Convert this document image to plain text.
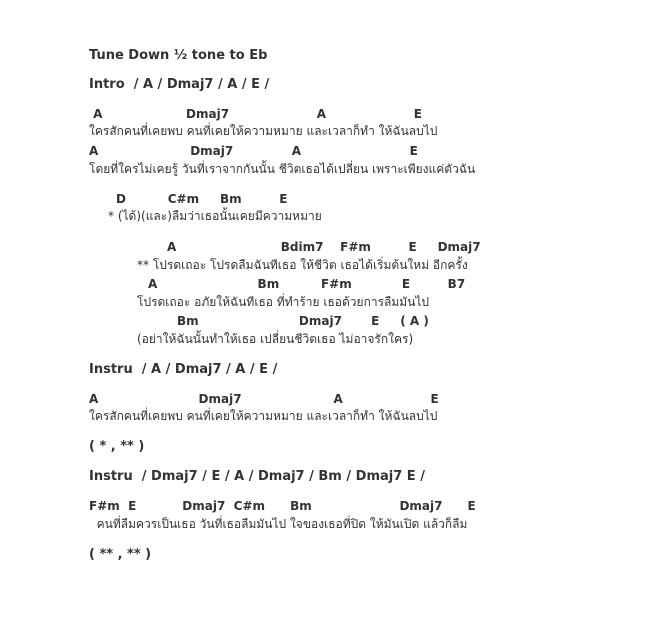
Tune Down ½ tone to Eb
Intro  / A / Dmaj7 / A / E /
A                    Dmaj7                     A                     E
ใครสักคนที่เคยพบ คนที่เคยให้ความหมาย และเวลาก็ทำ ให้ฉันลบไป
A                      Dmaj7              A                          E
โดยที่ใครไม่เคยรู้ วันที่เราจากกันนั้น ชีวิตเธอได้เปลี่ยน เพราะเพียงแค่ตัวฉัน
D          C#m     Bm         E
* (ได้)(และ)ลืมว่าเธอนั้นเคยมีความหมาย
A                         Bdim7    F#m         E     Dmaj7
** โปรดเถอะ โปรดลืมฉันทีเธอ ให้ชีวิต เธอได้เริ่มต้นใหม่ อีกครั้ง
A                        Bm          F#m            E         B7
โปรดเถอะ อภัยให้ฉันทีเธอ ที่ทำร้าย เธอด้วยการลืมมันไป
Bm                        Dmaj7       E     ( A )
(อย่าให้ฉันนั้นทำให้เธอ เปลี่ยนชีวิตเธอ ไม่อาจรักใคร)
Instru  / A / Dmaj7 / A / E /
A                        Dmaj7                      A                     E
ใครสักคนที่เคยพบ คนที่เคยให้ความหมาย และเวลาก็ทำ ให้ฉันลบไป
( * , ** )
Instru  / Dmaj7 / E / A / Dmaj7 / Bm / Dmaj7 E /
F#m  E           Dmaj7  C#m      Bm                     Dmaj7      E
คนที่ลืมควรเป็นเธอ วันที่เธอลืมมันไป ใจของเธอที่ปิด ให้มันเปิด แล้วก็ลืม
( ** , ** )
